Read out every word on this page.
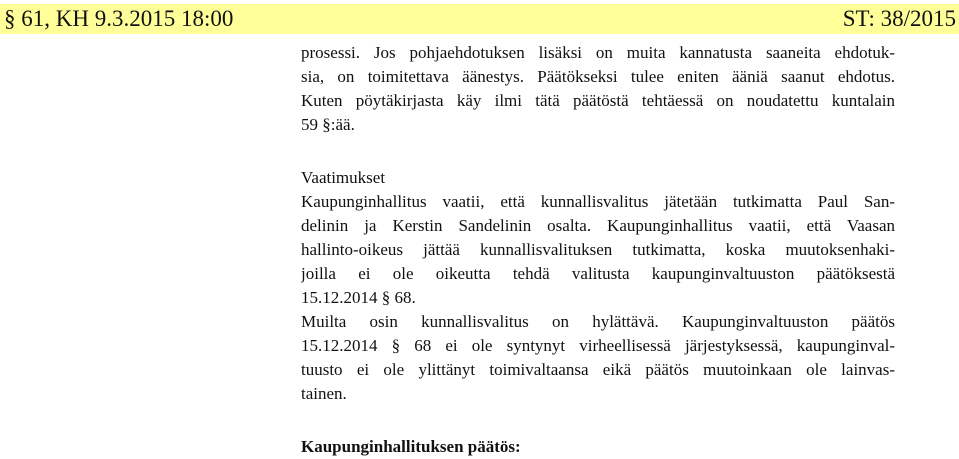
§ 61, KH 9.3.2015 18:00	ST: 38/2015
prosessi. Jos pohjaehdotuksen lisäksi on muita kannatusta saaneita ehdotuk-
sia, on toimitettava äänestys. Päätökseksi tulee eniten ääniä saanut ehdotus.
Kuten pöytäkirjasta käy ilmi tätä päätöstä tehtäessä on noudatettu kuntalain
59 §:ää.
Vaatimukset
Kaupunginhallitus vaatii, että kunnallisvalitus jätetään tutkimatta Paul San-
delinin ja Kerstin Sandelinin osalta. Kaupunginhallitus vaatii, että Vaasan
hallinto-oikeus jättää kunnallisvalituksen tutkimatta, koska muutoksenhaki-
joilla ei ole oikeutta tehdä valitusta kaupunginvaltuuston päätöksestä
15.12.2014 § 68.
Muilta osin kunnallisvalitus on hylättävä. Kaupunginvaltuuston päätös
15.12.2014 § 68 ei ole syntynyt virheellisessä järjestyksessä, kaupunginval-
tuusto ei ole ylittänyt toimivaltaansa eikä päätös muutoinkaan ole lainvas-
tainen.
Kaupunginhallituksen päätös:
